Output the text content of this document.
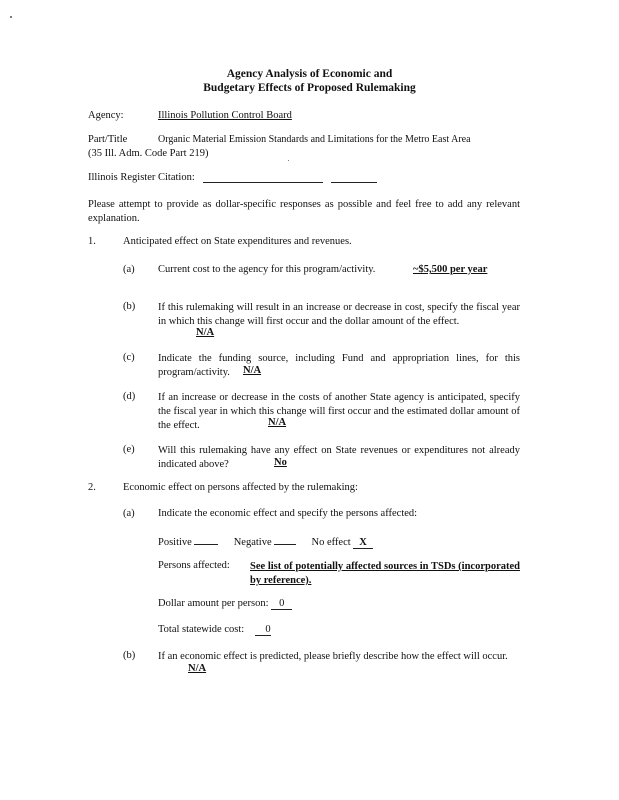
Agency Analysis of Economic and
Budgetary Effects of Proposed Rulemaking
Agency:	Illinois Pollution Control Board
Part/Title	Organic Material Emission Standards and Limitations for the Metro East Area
(35 Ill. Adm. Code Part 219)
Illinois Register Citation:
Please attempt to provide as dollar-specific responses as possible and feel free to add any relevant explanation.
1.	Anticipated effect on State expenditures and revenues.
(a) Current cost to the agency for this program/activity.	~$5,500 per year
(b) If this rulemaking will result in an increase or decrease in cost, specify the fiscal year in which this change will first occur and the dollar amount of the effect.
N/A
(c) Indicate the funding source, including Fund and appropriation lines, for this program/activity.	N/A
(d) If an increase or decrease in the costs of another State agency is anticipated, specify the fiscal year in which this change will first occur and the estimated dollar amount of the effect.	N/A
(e) Will this rulemaking have any effect on State revenues or expenditures not already indicated above?	No
2.	Economic effect on persons affected by the rulemaking:
(a) Indicate the economic effect and specify the persons affected:
Positive	Negative	No effect X
Persons affected: See list of potentially affected sources in TSDs (incorporated by reference).
Dollar amount per person: 0
Total statewide cost: 0
(b) If an economic effect is predicted, please briefly describe how the effect will occur.
N/A
